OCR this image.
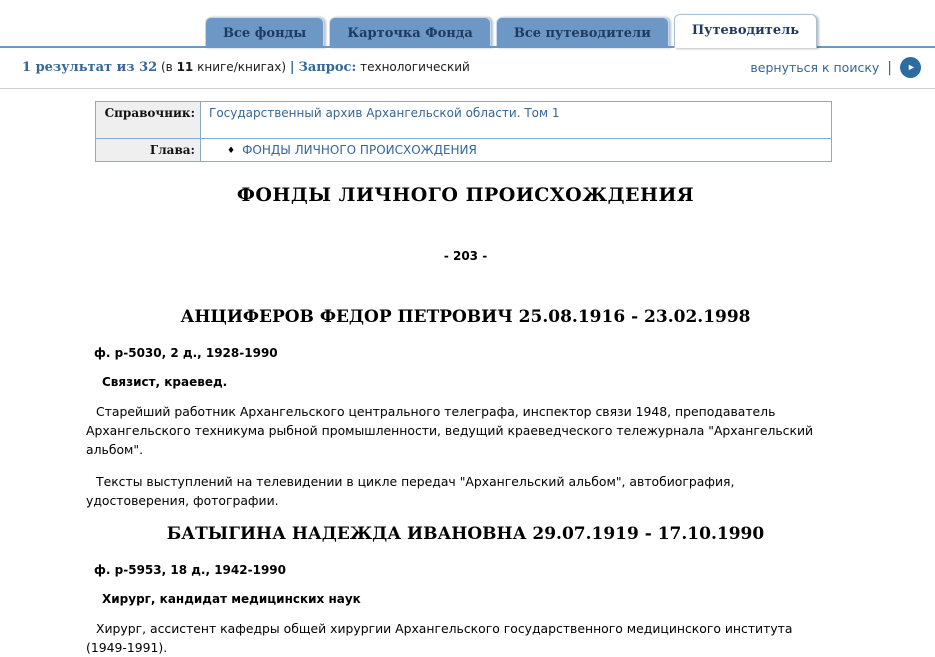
Все фонды	Карточка Фонда	Все путеводители	Путеводитель
1 результат из 32 (в 11 книге/книгах) | Запрос: технологический	вернуться к поиску | ►
Справочник:	Государственный архив Архангельской области. Том 1
Глава:	♦ ФОНДЫ ЛИЧНОГО ПРОИСХОЖДЕНИЯ
ФОНДЫ ЛИЧНОГО ПРОИСХОЖДЕНИЯ
- 203 -
АНЦИФЕРОВ ФЕДОР ПЕТРОВИЧ 25.08.1916 - 23.02.1998
ф. р-5030, 2 д., 1928-1990
Связист, краевед.

Старейший работник Архангельского центрального телеграфа, инспектор связи 1948, преподаватель Архангельского техникума рыбной промышленности, ведущий краеведческого тележурнала "Архангельский альбом".

Тексты выступлений на телевидении в цикле передач "Архангельский альбом", автобиография, удостоверения, фотографии.

БАТЫГИНА НАДЕЖДА ИВАНОВНА 29.07.1919 - 17.10.1990
ф. р-5953, 18 д., 1942-1990
Хирург, кандидат медицинских наук

Хирург, ассистент кафедры общей хирургии Архангельского государственного медицинского института (1949-1991).
